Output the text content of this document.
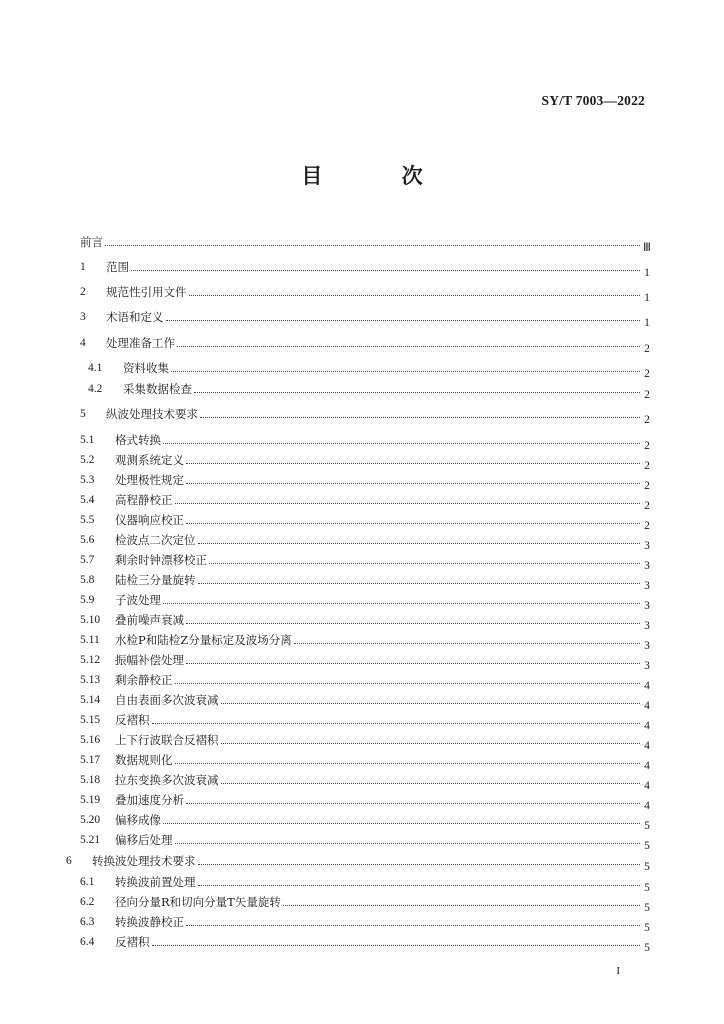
SY/T 7003—2022
目 次
前言	Ⅲ
1	范围	1
2	规范性引用文件	1
3	术语和定义	1
4	处理准备工作	2
4.1	资料收集	2
4.2	采集数据检查	2
5	纵波处理技术要求	2
5.1	格式转换	2
5.2	观测系统定义	2
5.3	处理极性规定	2
5.4	高程静校正	2
5.5	仪器响应校正	2
5.6	检波点二次定位	3
5.7	剩余时钟漂移校正	3
5.8	陆检三分量旋转	3
5.9	子波处理	3
5.10	叠前噪声衰减	3
5.11	水检P和陆检Z分量标定及波场分离	3
5.12	振幅补偿处理	3
5.13	剩余静校正	4
5.14	自由表面多次波衰减	4
5.15	反褶积	4
5.16	上下行波联合反褶积	4
5.17	数据规则化	4
5.18	拉东变换多次波衰减	4
5.19	叠加速度分析	4
5.20	偏移成像	5
5.21	偏移后处理	5
6	转换波处理技术要求	5
6.1	转换波前置处理	5
6.2	径向分量R和切向分量T矢量旋转	5
6.3	转换波静校正	5
6.4	反褶积	5
I
